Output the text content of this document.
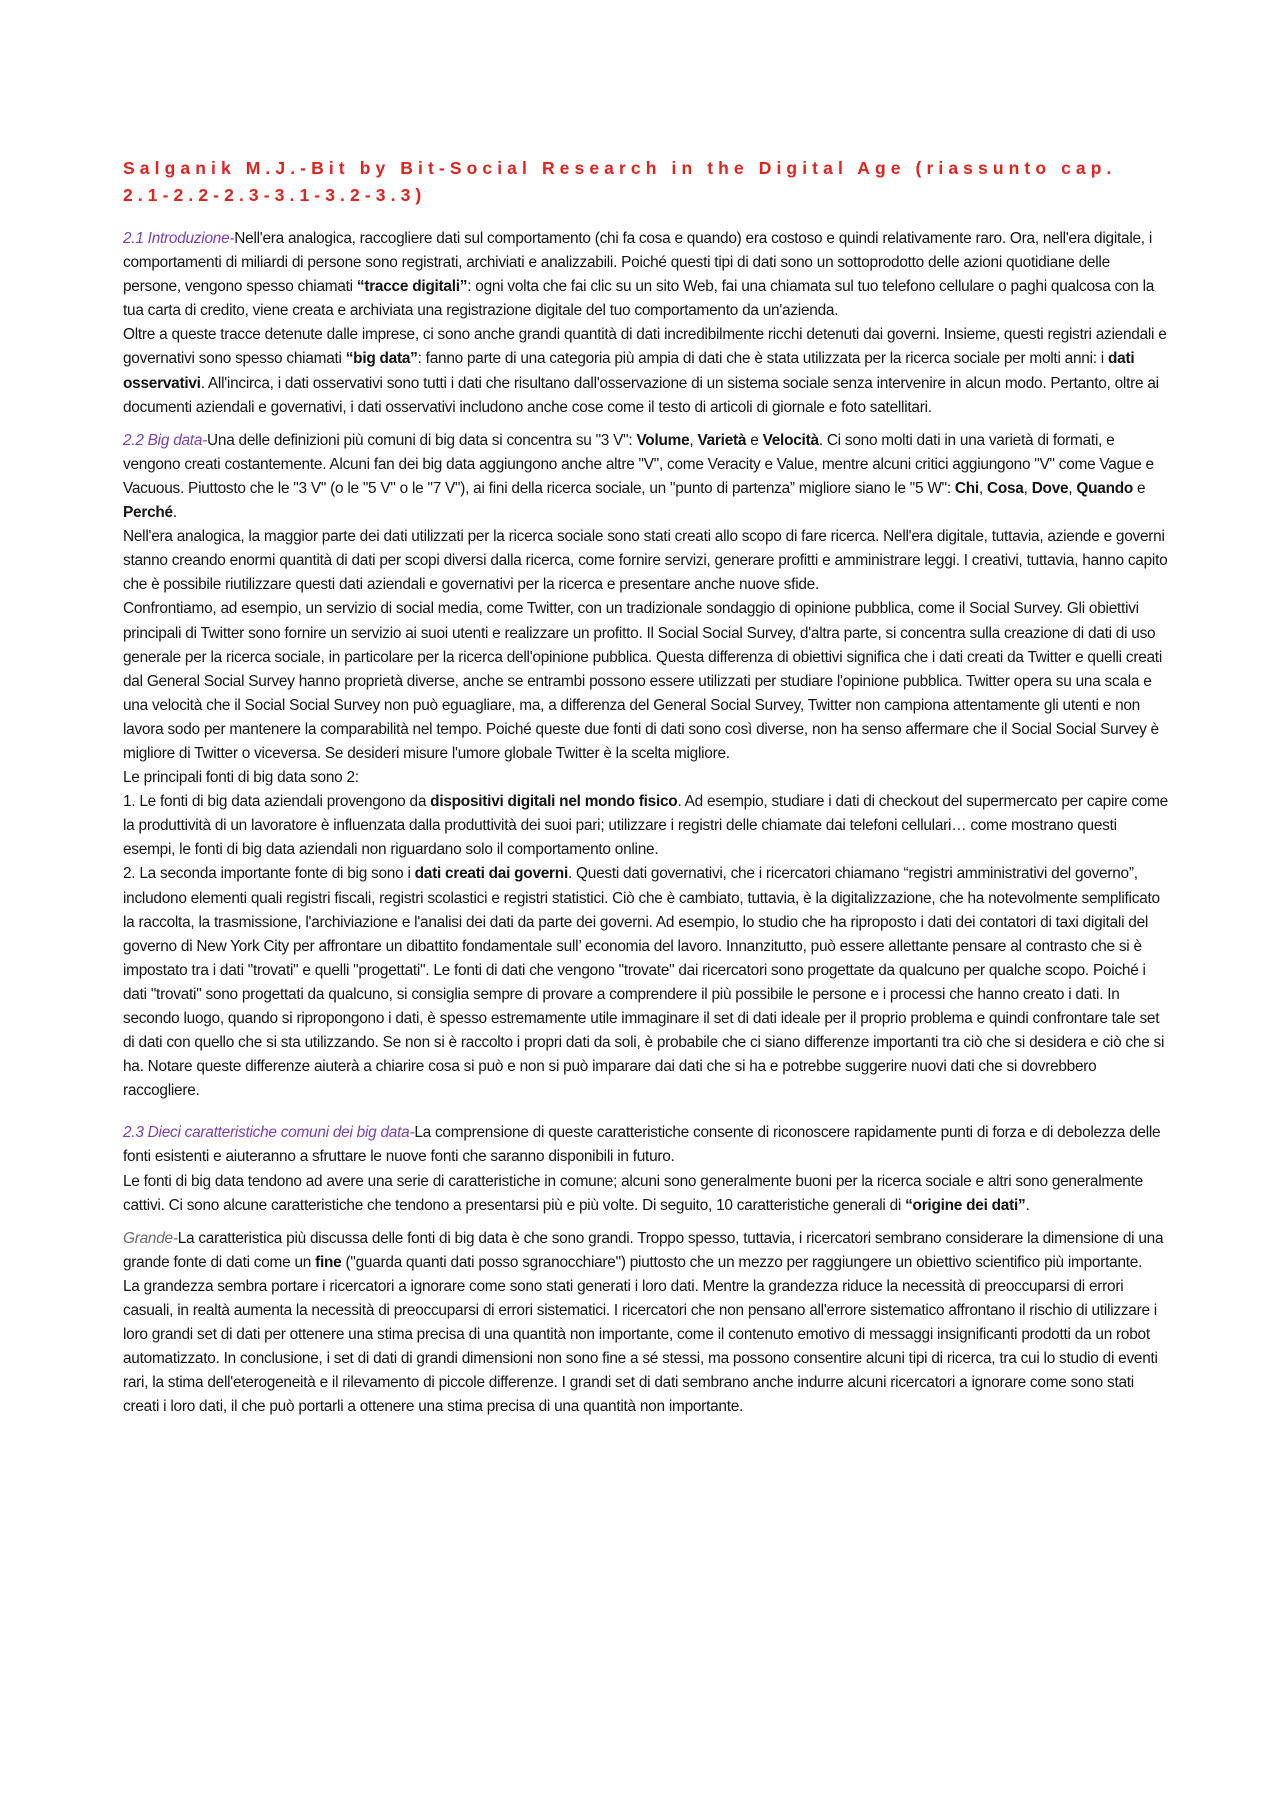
Salganik M.J.-Bit by Bit-Social Research in the Digital Age (riassunto cap. 2.1-2.2-2.3-3.1-3.2-3.3)

2.1 Introduzione-Nell'era analogica, raccogliere dati sul comportamento (chi fa cosa e quando) era costoso e quindi relativamente raro. Ora, nell'era digitale, i comportamenti di miliardi di persone sono registrati, archiviati e analizzabili. Poiché questi tipi di dati sono un sottoprodotto delle azioni quotidiane delle persone, vengono spesso chiamati “tracce digitali”: ogni volta che fai clic su un sito Web, fai una chiamata sul tuo telefono cellulare o paghi qualcosa con la tua carta di credito, viene creata e archiviata una registrazione digitale del tuo comportamento da un'azienda.

Oltre a queste tracce detenute dalle imprese, ci sono anche grandi quantità di dati incredibilmente ricchi detenuti dai governi. Insieme, questi registri aziendali e governativi sono spesso chiamati “big data”: fanno parte di una categoria più ampia di dati che è stata utilizzata per la ricerca sociale per molti anni: i dati osservativi. All'incirca, i dati osservativi sono tutti i dati che risultano dall'osservazione di un sistema sociale senza intervenire in alcun modo. Pertanto, oltre ai documenti aziendali e governativi, i dati osservativi includono anche cose come il testo di articoli di giornale e foto satellitari.

2.2 Big data-Una delle definizioni più comuni di big data si concentra su "3 V": Volume, Varietà e Velocità. Ci sono molti dati in una varietà di formati, e vengono creati costantemente. Alcuni fan dei big data aggiungono anche altre "V", come Veracity e Value, mentre alcuni critici aggiungono "V" come Vague e Vacuous. Piuttosto che le "3 V" (o le "5 V" o le "7 V"), ai fini della ricerca sociale, un "punto di partenza” migliore siano le "5 W": Chi, Cosa, Dove, Quando e Perché.

Nell'era analogica, la maggior parte dei dati utilizzati per la ricerca sociale sono stati creati allo scopo di fare ricerca. Nell'era digitale, tuttavia, aziende e governi stanno creando enormi quantità di dati per scopi diversi dalla ricerca, come fornire servizi, generare profitti e amministrare leggi. I creativi, tuttavia, hanno capito che è possibile riutilizzare questi dati aziendali e governativi per la ricerca e presentare anche nuove sfide.

Confrontiamo, ad esempio, un servizio di social media, come Twitter, con un tradizionale sondaggio di opinione pubblica, come il Social Survey. Gli obiettivi principali di Twitter sono fornire un servizio ai suoi utenti e realizzare un profitto. Il Social Social Survey, d'altra parte, si concentra sulla creazione di dati di uso generale per la ricerca sociale, in particolare per la ricerca dell'opinione pubblica. Questa differenza di obiettivi significa che i dati creati da Twitter e quelli creati dal General Social Survey hanno proprietà diverse, anche se entrambi possono essere utilizzati per studiare l'opinione pubblica. Twitter opera su una scala e una velocità che il Social Social Survey non può eguagliare, ma, a differenza del General Social Survey, Twitter non campiona attentamente gli utenti e non lavora sodo per mantenere la comparabilità nel tempo. Poiché queste due fonti di dati sono così diverse, non ha senso affermare che il Social Social Survey è migliore di Twitter o viceversa. Se desideri misure l'umore globale Twitter è la scelta migliore.

Le principali fonti di big data sono 2:

1. Le fonti di big data aziendali provengono da dispositivi digitali nel mondo fisico. Ad esempio, studiare i dati di checkout del supermercato per capire come la produttività di un lavoratore è influenzata dalla produttività dei suoi pari; utilizzare i registri delle chiamate dai telefoni cellulari… come mostrano questi esempi, le fonti di big data aziendali non riguardano solo il comportamento online.

2. La seconda importante fonte di big sono i dati creati dai governi. Questi dati governativi, che i ricercatori chiamano “registri amministrativi del governo”, includono elementi quali registri fiscali, registri scolastici e registri statistici. Ciò che è cambiato, tuttavia, è la digitalizzazione, che ha notevolmente semplificato la raccolta, la trasmissione, l'archiviazione e l'analisi dei dati da parte dei governi. Ad esempio, lo studio che ha riproposto i dati dei contatori di taxi digitali del governo di New York City per affrontare un dibattito fondamentale sull’ economia del lavoro. Innanzitutto, può essere allettante pensare al contrasto che si è impostato tra i dati "trovati" e quelli "progettati". Le fonti di dati che vengono "trovate" dai ricercatori sono progettate da qualcuno per qualche scopo. Poiché i dati "trovati" sono progettati da qualcuno, si consiglia sempre di provare a comprendere il più possibile le persone e i processi che hanno creato i dati. In secondo luogo, quando si ripropongono i dati, è spesso estremamente utile immaginare il set di dati ideale per il proprio problema e quindi confrontare tale set di dati con quello che si sta utilizzando. Se non si è raccolto i propri dati da soli, è probabile che ci siano differenze importanti tra ciò che si desidera e ciò che si ha. Notare queste differenze aiuterà a chiarire cosa si può e non si può imparare dai dati che si ha e potrebbe suggerire nuovi dati che si dovrebbero raccogliere.

2.3 Dieci caratteristiche comuni dei big data-La comprensione di queste caratteristiche consente di riconoscere rapidamente punti di forza e di debolezza delle fonti esistenti e aiuteranno a sfruttare le nuove fonti che saranno disponibili in futuro.

Le fonti di big data tendono ad avere una serie di caratteristiche in comune; alcuni sono generalmente buoni per la ricerca sociale e altri sono generalmente cattivi. Ci sono alcune caratteristiche che tendono a presentarsi più e più volte. Di seguito, 10 caratteristiche generali di “origine dei dati”.

Grande-La caratteristica più discussa delle fonti di big data è che sono grandi. Troppo spesso, tuttavia, i ricercatori sembrano considerare la dimensione di una grande fonte di dati come un fine ("guarda quanti dati posso sgranocchiare") piuttosto che un mezzo per raggiungere un obiettivo scientifico più importante.

La grandezza sembra portare i ricercatori a ignorare come sono stati generati i loro dati. Mentre la grandezza riduce la necessità di preoccuparsi di errori casuali, in realtà aumenta la necessità di preoccuparsi di errori sistematici. I ricercatori che non pensano all'errore sistematico affrontano il rischio di utilizzare i loro grandi set di dati per ottenere una stima precisa di una quantità non importante, come il contenuto emotivo di messaggi insignificanti prodotti da un robot automatizzato. In conclusione, i set di dati di grandi dimensioni non sono fine a sé stessi, ma possono consentire alcuni tipi di ricerca, tra cui lo studio di eventi rari, la stima dell'eterogeneità e il rilevamento di piccole differenze. I grandi set di dati sembrano anche indurre alcuni ricercatori a ignorare come sono stati creati i loro dati, il che può portarli a ottenere una stima precisa di una quantità non importante.
